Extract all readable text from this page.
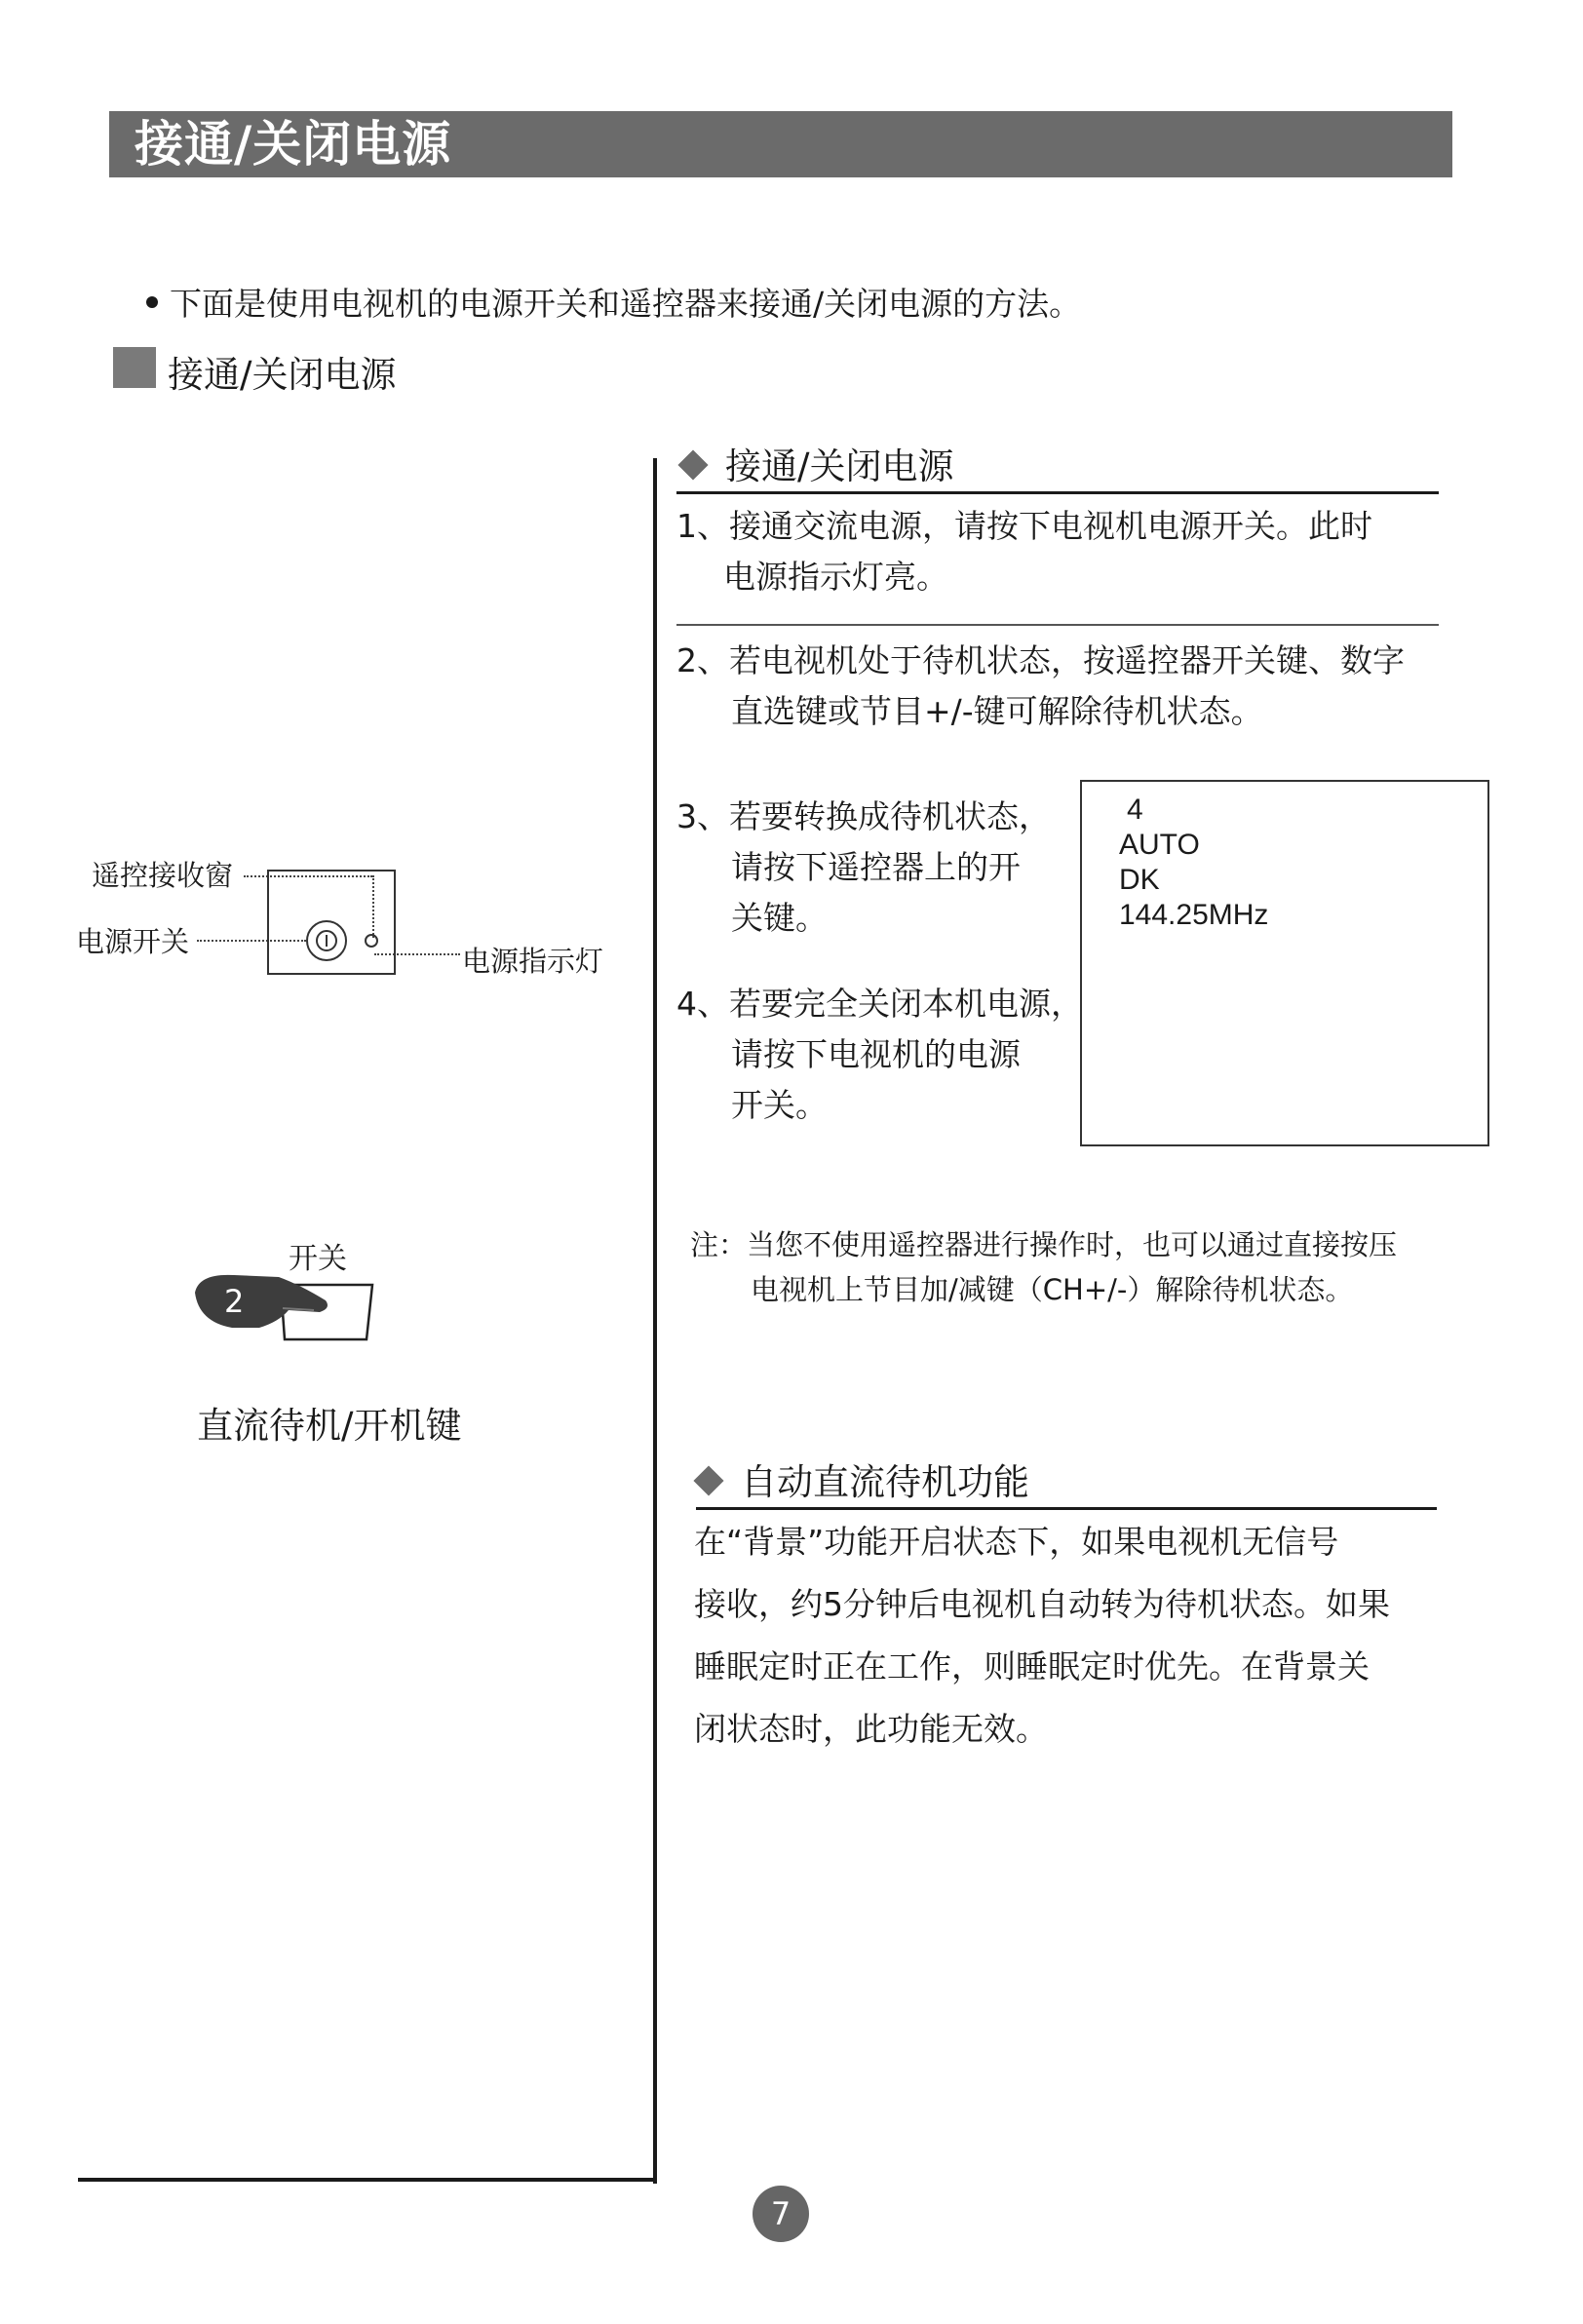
接通/关闭电源
下面是使用电视机的电源开关和遥控器来接通/关闭电源的方法。
接通/关闭电源
遥控接收窗
电源开关
电源指示灯
开关
2
直流待机/开机键
接通/关闭电源
1、接通交流电源，请按下电视机电源开关。此时
电源指示灯亮。
2、若电视机处于待机状态，按遥控器开关键、数字
直选键或节目+/-键可解除待机状态。
3、若要转换成待机状态，
请按下遥控器上的开
关键。
4、若要完全关闭本机电源，
请按下电视机的电源
开关。
4
AUTO
DK
144.25MHz
注：当您不使用遥控器进行操作时，也可以通过直接按压
电视机上节目加/减键（CH+/-）解除待机状态。
自动直流待机功能
在“背景”功能开启状态下，如果电视机无信号
接收，约5分钟后电视机自动转为待机状态。如果
睡眠定时正在工作，则睡眠定时优先。在背景关
闭状态时，此功能无效。
7
